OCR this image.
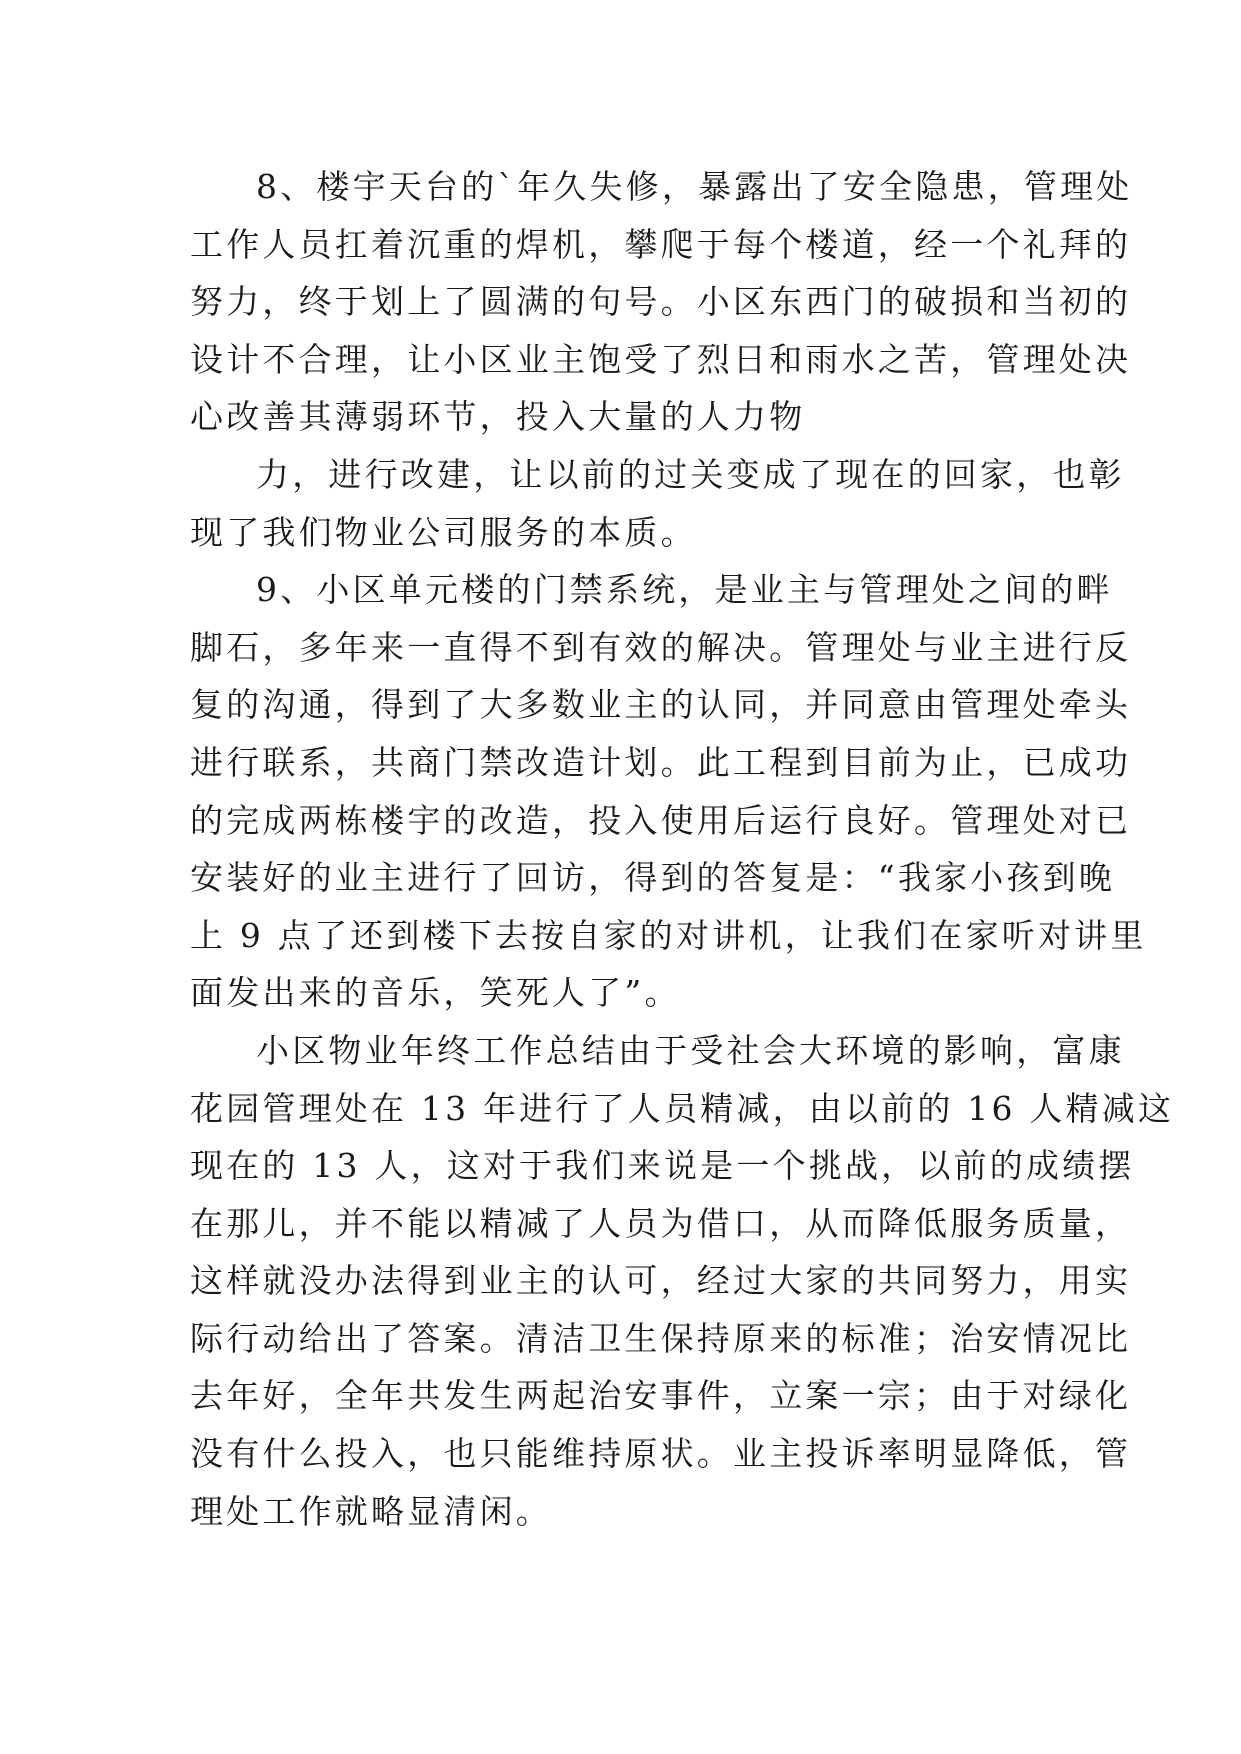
8、楼宇天台的`年久失修，暴露出了安全隐患，管理处
工作人员扛着沉重的焊机，攀爬于每个楼道，经一个礼拜的
努力，终于划上了圆满的句号。小区东西门的破损和当初的
设计不合理，让小区业主饱受了烈日和雨水之苦，管理处决
心改善其薄弱环节，投入大量的人力物

力，进行改建，让以前的过关变成了现在的回家，也彰
现了我们物业公司服务的本质。

9、小区单元楼的门禁系统，是业主与管理处之间的畔
脚石，多年来一直得不到有效的解决。管理处与业主进行反
复的沟通，得到了大多数业主的认同，并同意由管理处牵头
进行联系，共商门禁改造计划。此工程到目前为止，已成功
的完成两栋楼宇的改造，投入使用后运行良好。管理处对已
安装好的业主进行了回访，得到的答复是：“我家小孩到晚
上 9 点了还到楼下去按自家的对讲机，让我们在家听对讲里
面发出来的音乐，笑死人了”。

小区物业年终工作总结由于受社会大环境的影响，富康
花园管理处在 13 年进行了人员精减，由以前的 16 人精减这
现在的 13 人，这对于我们来说是一个挑战，以前的成绩摆
在那儿，并不能以精减了人员为借口，从而降低服务质量，
这样就没办法得到业主的认可，经过大家的共同努力，用实
际行动给出了答案。清洁卫生保持原来的标准；治安情况比
去年好，全年共发生两起治安事件，立案一宗；由于对绿化
没有什么投入，也只能维持原状。业主投诉率明显降低，管
理处工作就略显清闲。
